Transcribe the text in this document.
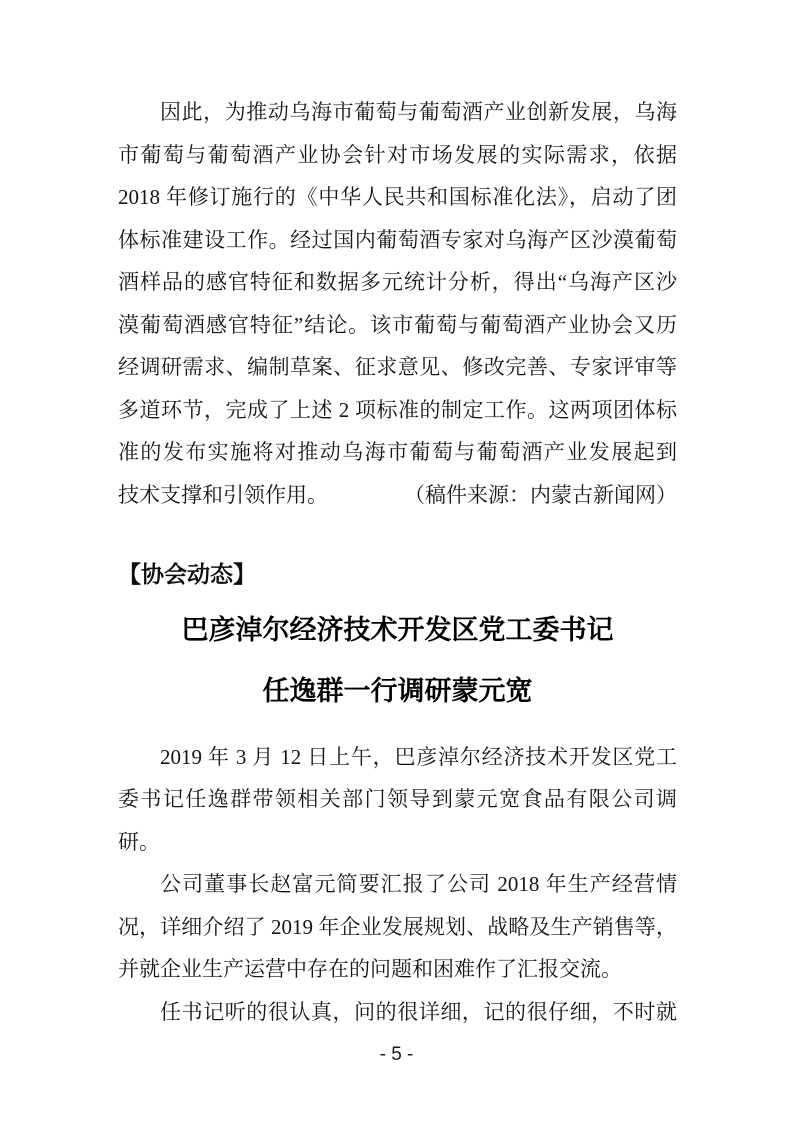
因此，为推动乌海市葡萄与葡萄酒产业创新发展，乌海
市葡萄与葡萄酒产业协会针对市场发展的实际需求，依据
2018 年修订施行的《中华人民共和国标准化法》，启动了团
体标准建设工作。经过国内葡萄酒专家对乌海产区沙漠葡萄
酒样品的感官特征和数据多元统计分析，得出“乌海产区沙
漠葡萄酒感官特征”结论。该市葡萄与葡萄酒产业协会又历
经调研需求、编制草案、征求意见、修改完善、专家评审等
多道环节，完成了上述 2 项标准的制定工作。这两项团体标
准的发布实施将对推动乌海市葡萄与葡萄酒产业发展起到
技术支撑和引领作用。	（稿件来源：内蒙古新闻网）
【协会动态】
巴彦淖尔经济技术开发区党工委书记
任逸群一行调研蒙元宽
2019 年 3 月 12 日上午，巴彦淖尔经济技术开发区党工
委书记任逸群带领相关部门领导到蒙元宽食品有限公司调
研。
公司董事长赵富元简要汇报了公司 2018 年生产经营情
况，详细介绍了 2019 年企业发展规划、战略及生产销售等，
并就企业生产运营中存在的问题和困难作了汇报交流。
任书记听的很认真，问的很详细，记的很仔细，不时就
- 5 -
